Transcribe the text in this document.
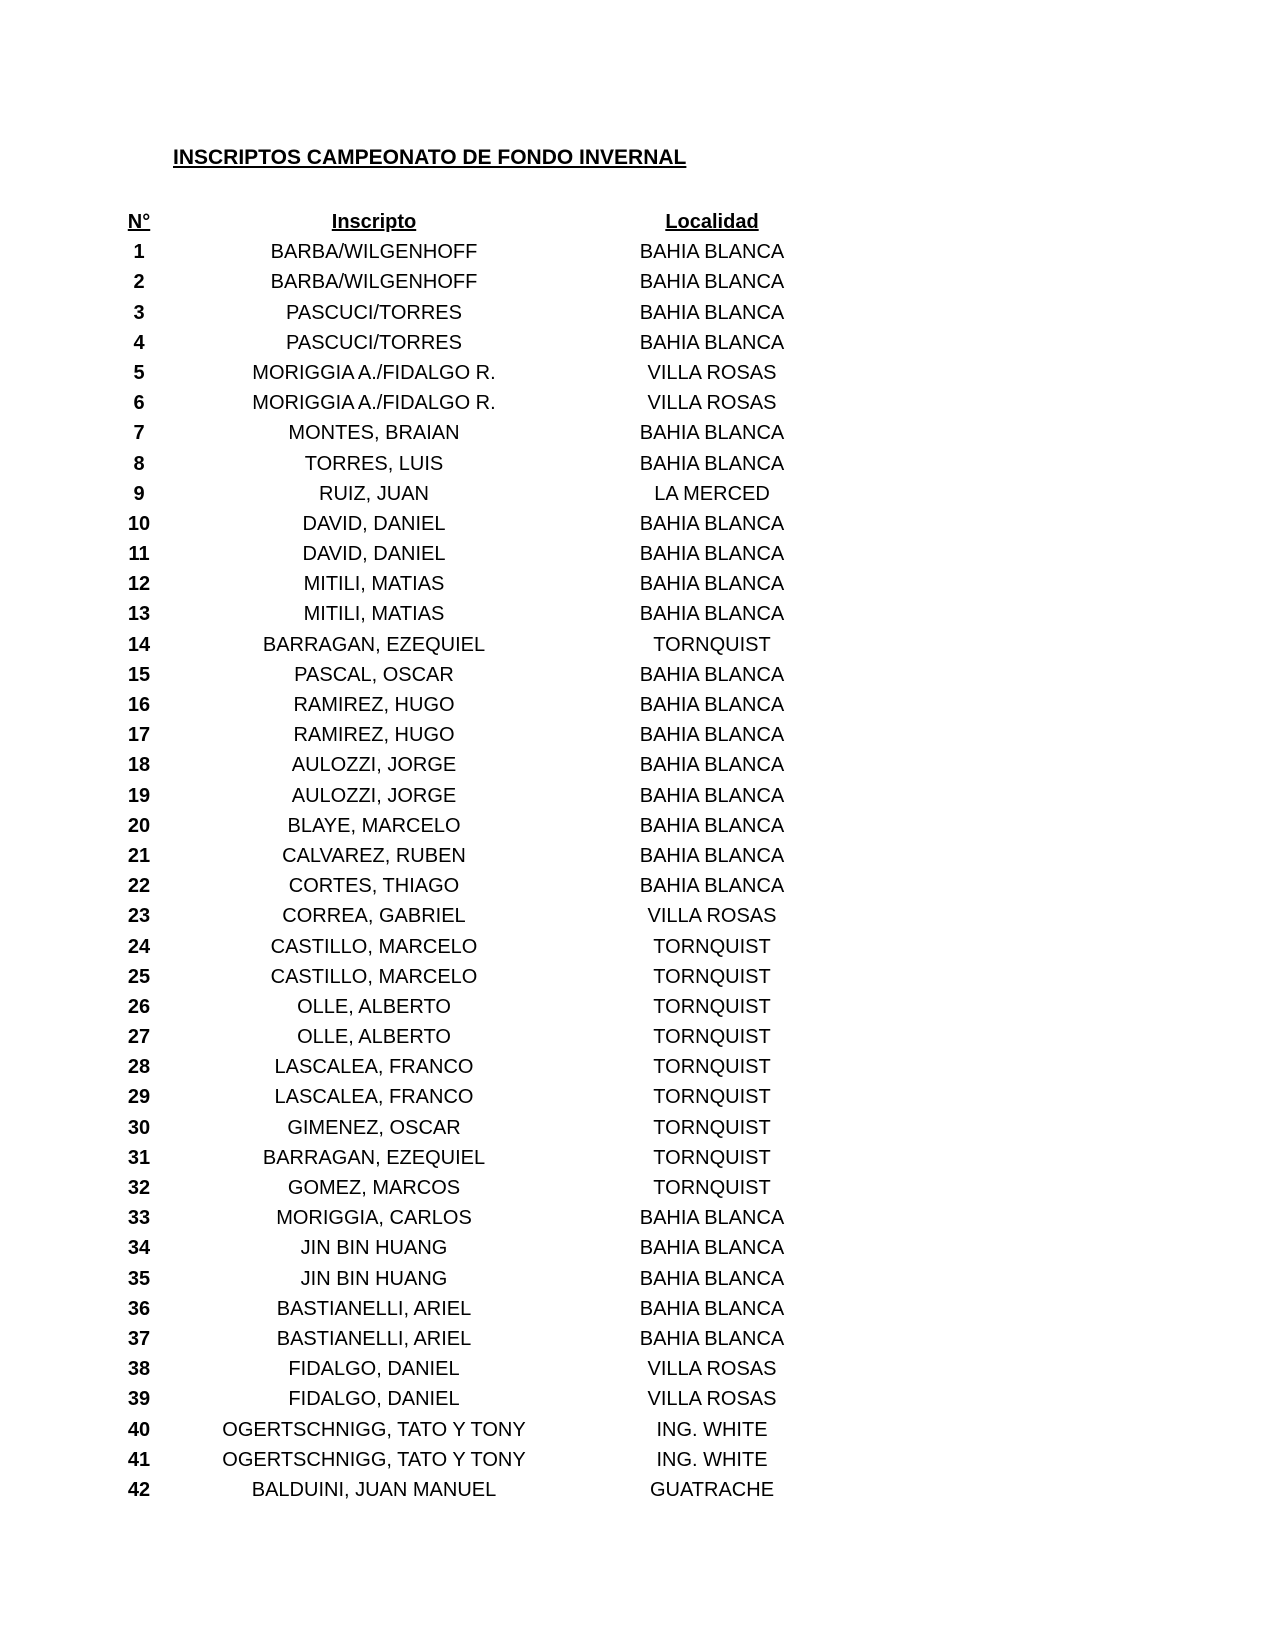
INSCRIPTOS CAMPEONATO DE FONDO INVERNAL
N°	Inscripto	Localidad
1	BARBA/WILGENHOFF	BAHIA BLANCA
2	BARBA/WILGENHOFF	BAHIA BLANCA
3	PASCUCI/TORRES	BAHIA BLANCA
4	PASCUCI/TORRES	BAHIA BLANCA
5	MORIGGIA A./FIDALGO R.	VILLA ROSAS
6	MORIGGIA A./FIDALGO R.	VILLA ROSAS
7	MONTES, BRAIAN	BAHIA BLANCA
8	TORRES, LUIS	BAHIA BLANCA
9	RUIZ, JUAN	LA MERCED
10	DAVID, DANIEL	BAHIA BLANCA
11	DAVID, DANIEL	BAHIA BLANCA
12	MITILI, MATIAS	BAHIA BLANCA
13	MITILI, MATIAS	BAHIA BLANCA
14	BARRAGAN, EZEQUIEL	TORNQUIST
15	PASCAL, OSCAR	BAHIA BLANCA
16	RAMIREZ, HUGO	BAHIA BLANCA
17	RAMIREZ, HUGO	BAHIA BLANCA
18	AULOZZI, JORGE	BAHIA BLANCA
19	AULOZZI, JORGE	BAHIA BLANCA
20	BLAYE, MARCELO	BAHIA BLANCA
21	CALVAREZ, RUBEN	BAHIA BLANCA
22	CORTES, THIAGO	BAHIA BLANCA
23	CORREA, GABRIEL	VILLA ROSAS
24	CASTILLO, MARCELO	TORNQUIST
25	CASTILLO, MARCELO	TORNQUIST
26	OLLE, ALBERTO	TORNQUIST
27	OLLE, ALBERTO	TORNQUIST
28	LASCALEA, FRANCO	TORNQUIST
29	LASCALEA, FRANCO	TORNQUIST
30	GIMENEZ, OSCAR	TORNQUIST
31	BARRAGAN, EZEQUIEL	TORNQUIST
32	GOMEZ, MARCOS	TORNQUIST
33	MORIGGIA, CARLOS	BAHIA BLANCA
34	JIN BIN HUANG	BAHIA BLANCA
35	JIN BIN HUANG	BAHIA BLANCA
36	BASTIANELLI, ARIEL	BAHIA BLANCA
37	BASTIANELLI, ARIEL	BAHIA BLANCA
38	FIDALGO, DANIEL	VILLA ROSAS
39	FIDALGO, DANIEL	VILLA ROSAS
40	OGERTSCHNIGG, TATO Y TONY	ING. WHITE
41	OGERTSCHNIGG, TATO Y TONY	ING. WHITE
42	BALDUINI, JUAN MANUEL	GUATRACHE
